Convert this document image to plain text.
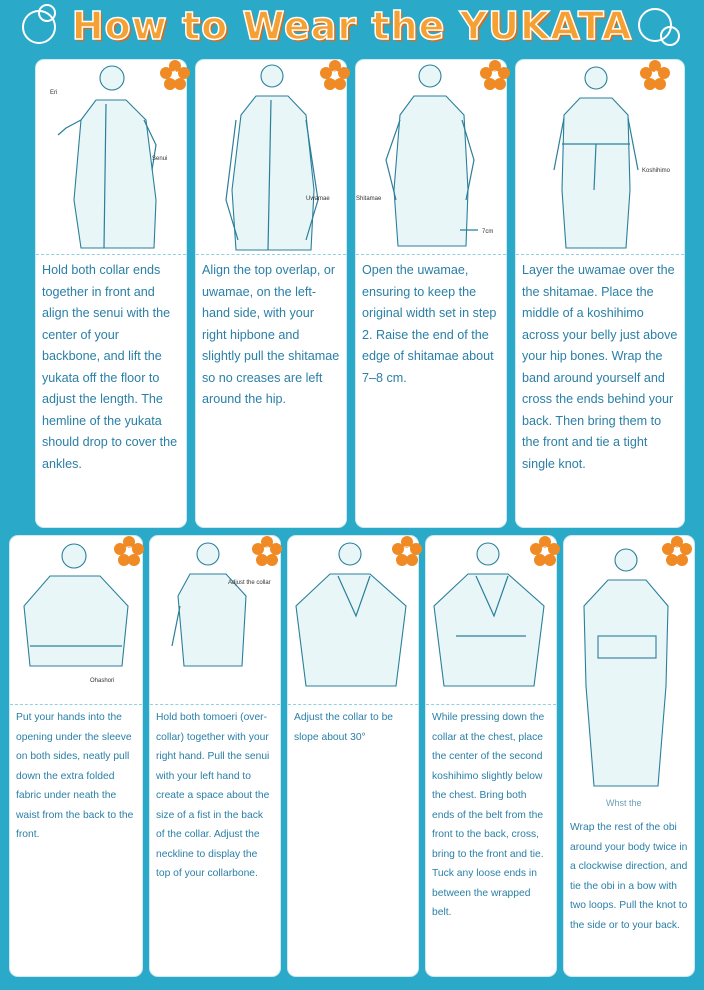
How to Wear the YUKATA
Eri
Senui
1
Hold both collar ends together in front and align the senui with the center of your backbone, and lift the yukata off the floor to adjust the length. The hemline of the yukata should drop to cover the ankles.
Uwamae
2
Align the top overlap, or uwamae, on the left-hand side, with your right hipbone and slightly pull the shitamae so no creases are left around the hip.
Shitamae
7cm
3
Open the uwamae, ensuring to keep the original width set in step 2. Raise the end of the edge of shitamae about 7–8 cm.
Koshihimo
4
Layer the uwamae over the the shitamae. Place the middle of a koshihimo across your belly just above your hip bones. Wrap the band around yourself and cross the ends behind your back. Then bring them to the front and tie a tight single knot.
Ohashori
5
Put your hands into the opening under the sleeve on both sides, neatly pull down the extra folded fabric under neath the waist from the back to the front.
Adjust the collar
6
Hold both tomoeri (over-collar) together with your right hand. Pull the senui with your left hand to create a space about the size of a fist in the back of the collar. Adjust the neckline to display the top of your collarbone.
7
Adjust the collar to be slope about 30°
8
While pressing down the collar at the chest, place the center of the second koshihimo slightly below the chest. Bring both ends of the belt from the front to the back, cross, bring to the front and tie. Tuck any loose ends in between the wrapped belt.
Whst the
9
Wrap the rest of the obi around your body twice in a clockwise direction, and tie the obi in a bow with two loops. Pull the knot to the side or to your back.
